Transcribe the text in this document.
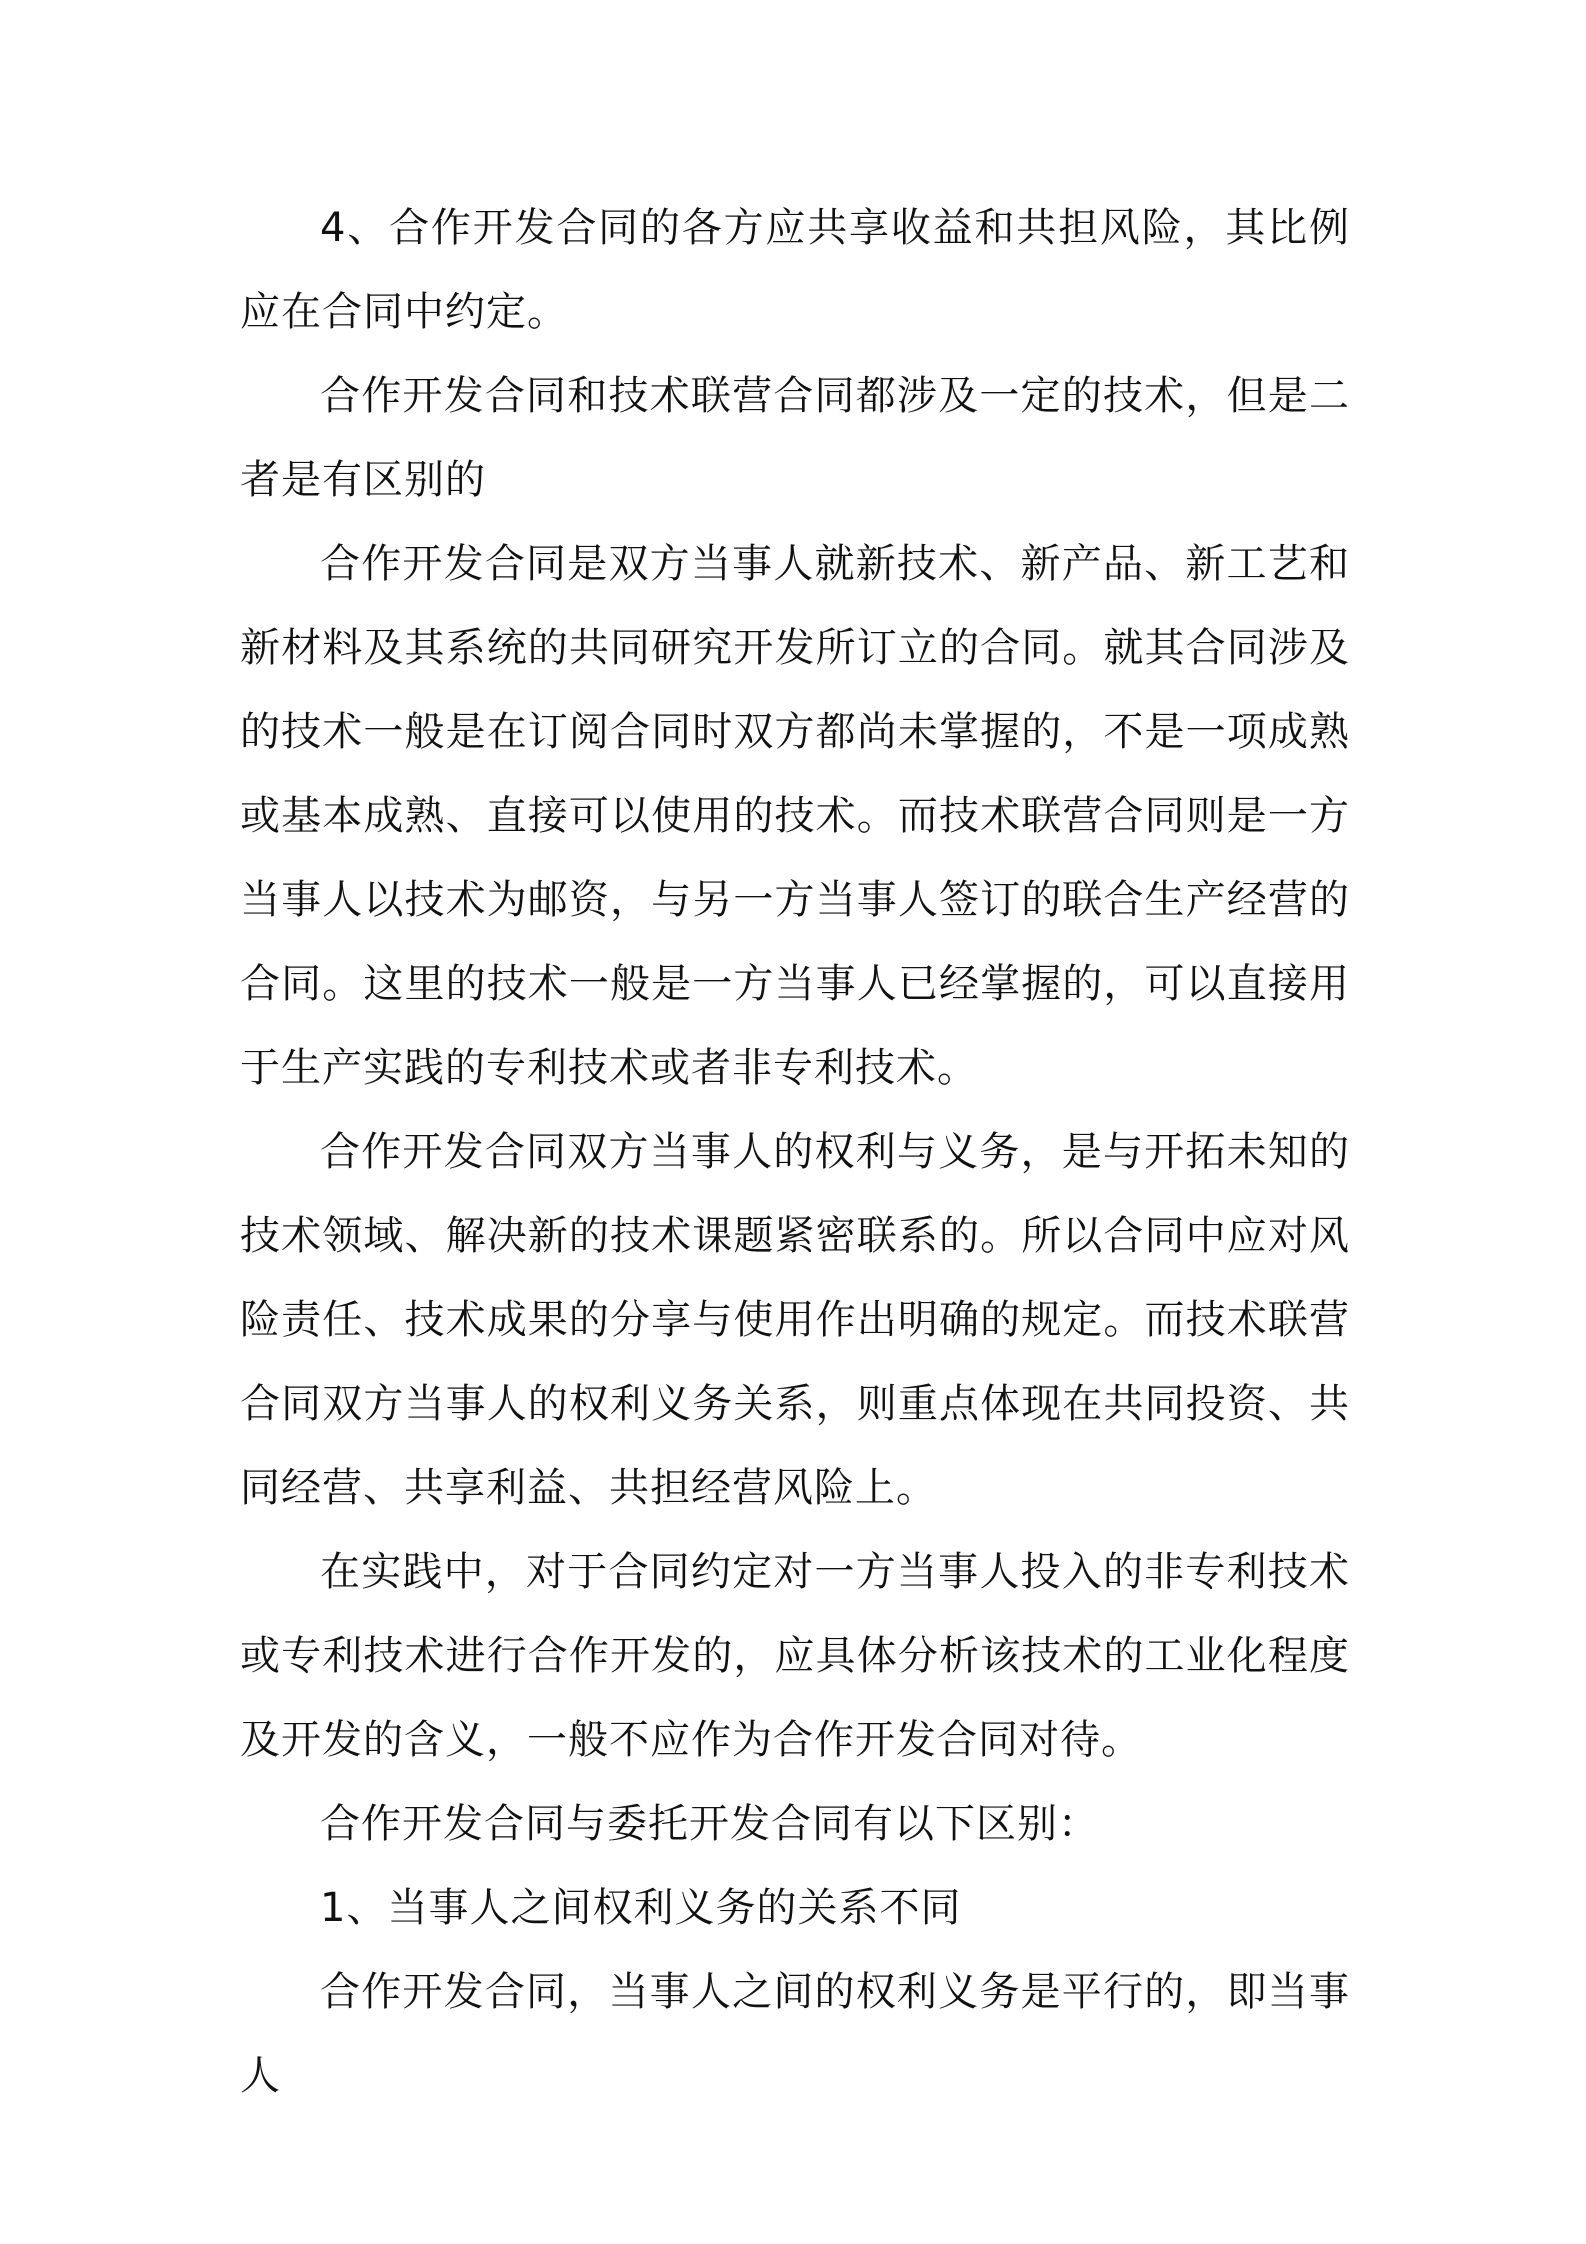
4、合作开发合同的各方应共享收益和共担风险，其比例应在合同中约定。

合作开发合同和技术联营合同都涉及一定的技术，但是二者是有区别的

合作开发合同是双方当事人就新技术、新产品、新工艺和新材料及其系统的共同研究开发所订立的合同。就其合同涉及的技术一般是在订阅合同时双方都尚未掌握的，不是一项成熟或基本成熟、直接可以使用的技术。而技术联营合同则是一方当事人以技术为邮资，与另一方当事人签订的联合生产经营的合同。这里的技术一般是一方当事人已经掌握的，可以直接用于生产实践的专利技术或者非专利技术。

合作开发合同双方当事人的权利与义务，是与开拓未知的技术领域、解决新的技术课题紧密联系的。所以合同中应对风险责任、技术成果的分享与使用作出明确的规定。而技术联营合同双方当事人的权利义务关系，则重点体现在共同投资、共同经营、共享利益、共担经营风险上。

在实践中，对于合同约定对一方当事人投入的非专利技术或专利技术进行合作开发的，应具体分析该技术的工业化程度及开发的含义，一般不应作为合作开发合同对待。

合作开发合同与委托开发合同有以下区别：

1、当事人之间权利义务的关系不同

合作开发合同，当事人之间的权利义务是平行的，即当事人
